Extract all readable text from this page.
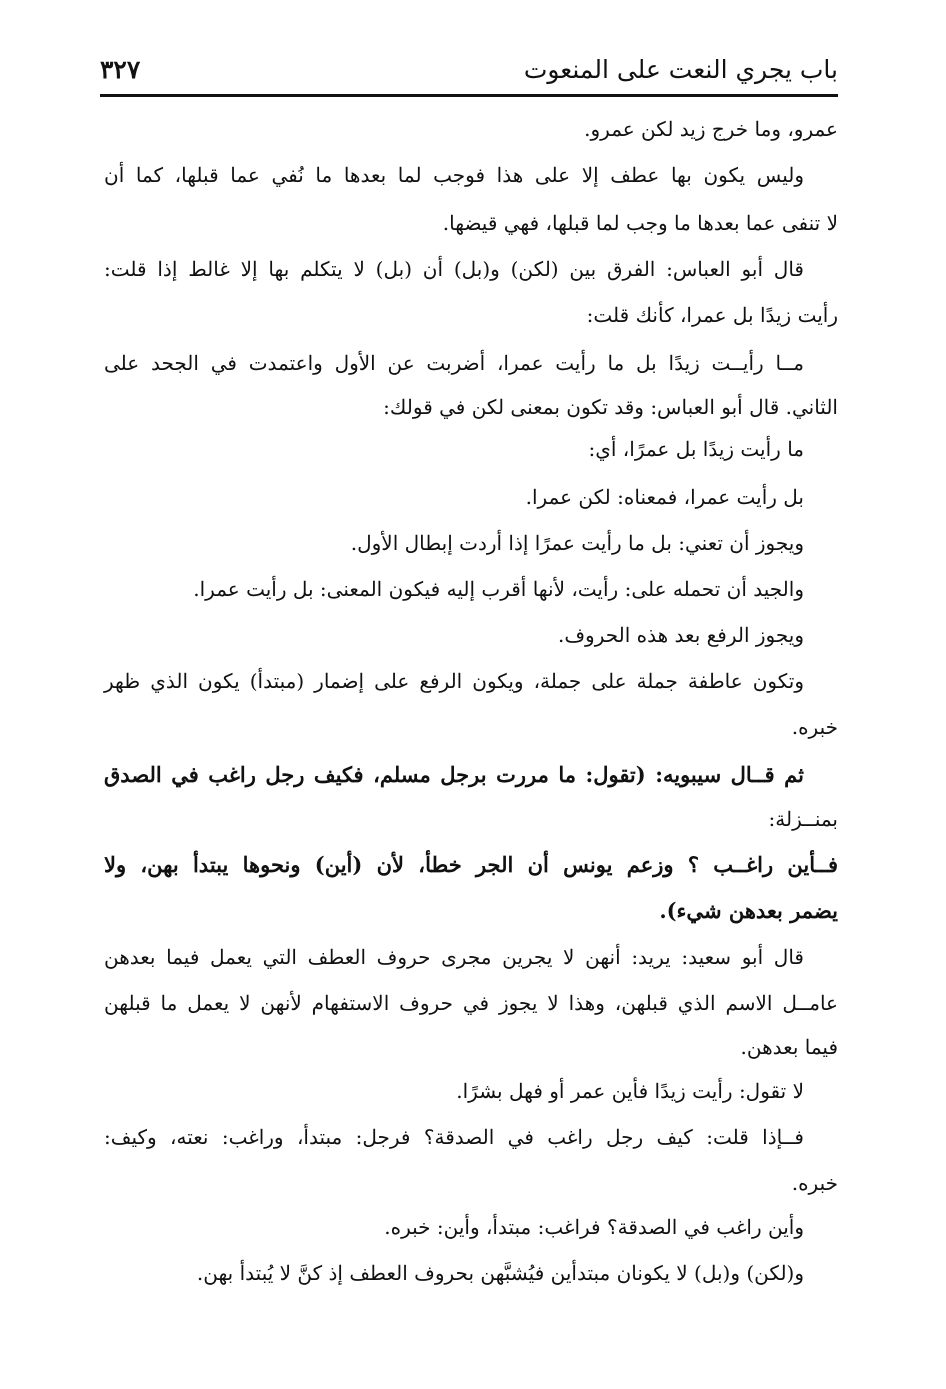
باب يجري النعت على المنعوت
٣٢٧
عمرو، وما خرج زيد لكن عمرو.
وليس يكون بها عطف إلا على هذا فوجب لما بعدها ما نُفي عما قبلها، كما أن
لا تنفى عما بعدها ما وجب لما قبلها، فهي قيضها.
قال أبو العباس: الفرق بين (لكن) و(بل) أن (بل) لا يتكلم بها إلا غالط إذا قلت:
رأيت زيدًا بل عمرا، كأنك قلت:
مــا رأيــت زيدًا بل ما رأيت عمرا، أضربت عن الأول واعتمدت في الجحد على
الثاني. قال أبو العباس: وقد تكون بمعنى لكن في قولك:
ما رأيت زيدًا بل عمرًا، أي:
بل رأيت عمرا، فمعناه: لكن عمرا.
ويجوز أن تعني: بل ما رأيت عمرًا إذا أردت إبطال الأول.
والجيد أن تحمله على: رأيت، لأنها أقرب إليه فيكون المعنى: بل رأيت عمرا.
ويجوز الرفع بعد هذه الحروف.
وتكون عاطفة جملة على جملة، ويكون الرفع على إضمار (مبتدأ) يكون الذي ظهر
خبره.
ثم قــال سيبويه: (تقول: ما مررت برجل مسلم، فكيف رجل راغب في الصدق
بمنــزلة:
فــأين راغــب ؟ وزعم يونس أن الجر خطأ، لأن (أين) ونحوها يبتدأ بهن، ولا
يضمر بعدهن شيء).
قال أبو سعيد: يريد: أنهن لا يجرين مجرى حروف العطف التي يعمل فيما بعدهن
عامــل الاسم الذي قبلهن، وهذا لا يجوز في حروف الاستفهام لأنهن لا يعمل ما قبلهن
فيما بعدهن.
لا تقول: رأيت زيدًا فأين عمر أو فهل بشرًا.
فــإذا قلت: كيف رجل راغب في الصدقة؟ فرجل: مبتدأ، وراغب: نعته، وكيف:
خبره.
وأين راغب في الصدقة؟ فراغب: مبتدأ، وأين: خبره.
و(لكن) و(بل) لا يكونان مبتدأين فيُشبَّهن بحروف العطف إذ كنَّ لا يُبتدأ بهن.
